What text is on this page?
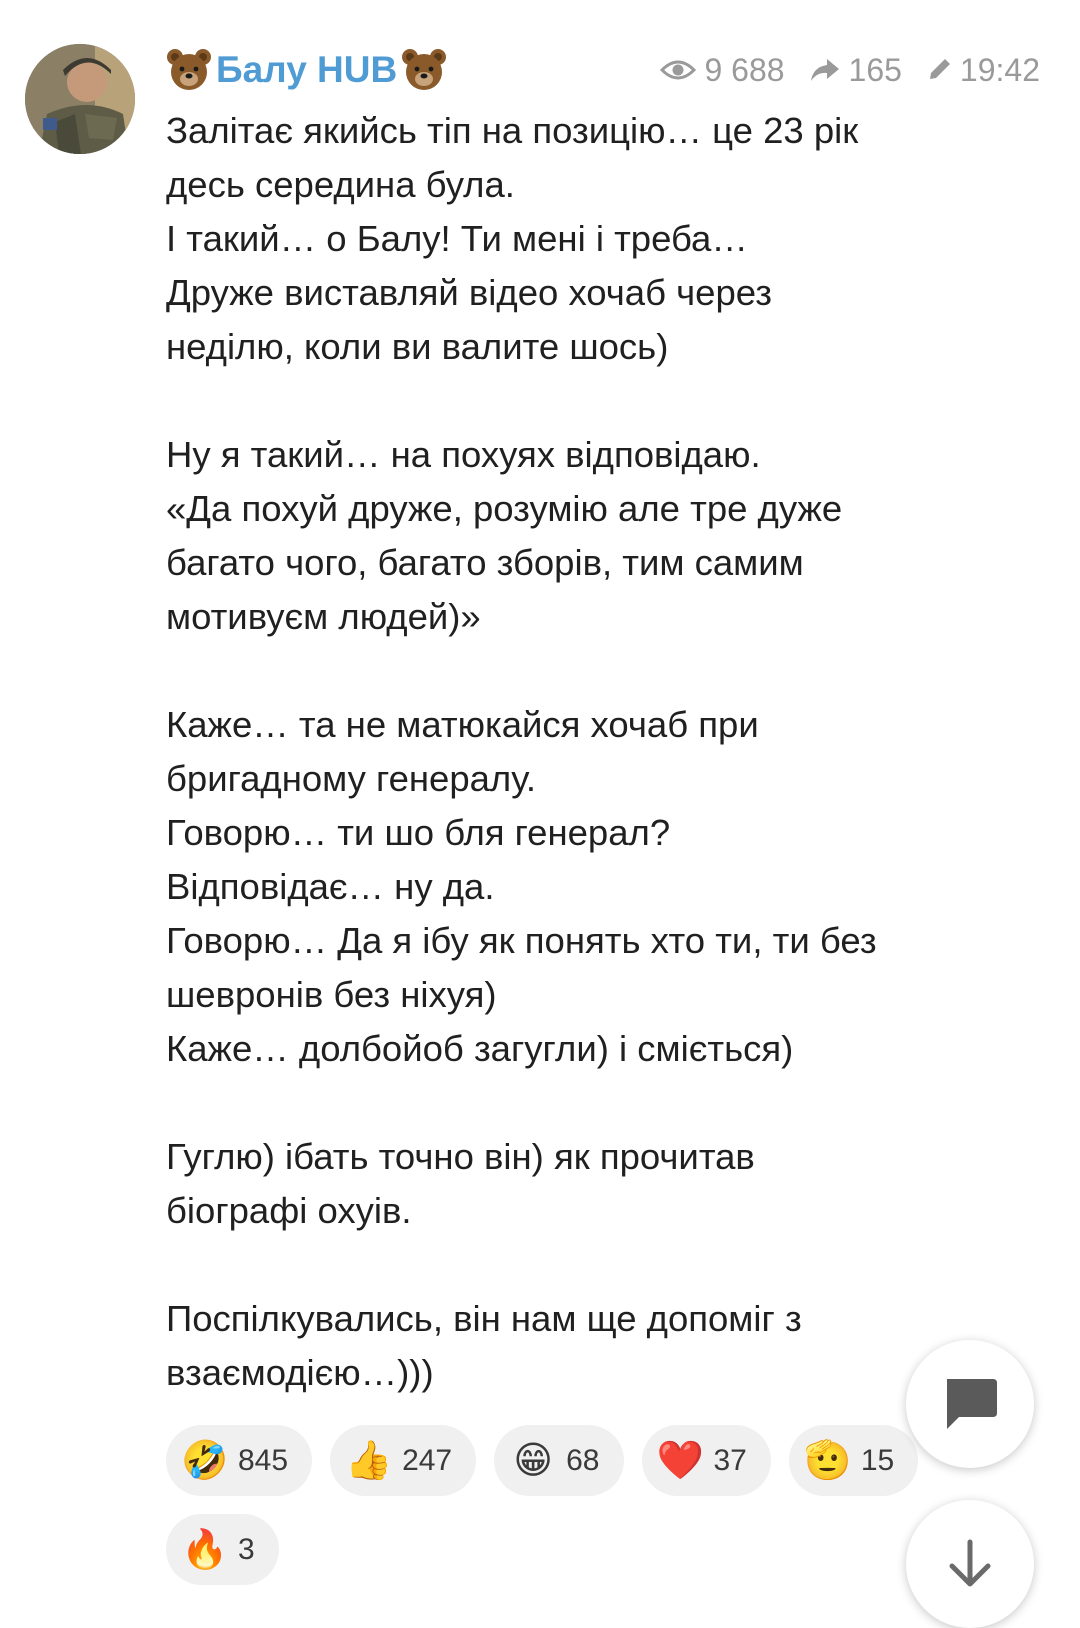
Балу HUB	9 688 165 19:42

Залітає якийсь тіп на позицію… це 23 рік

десь середина була.

І такий… о Балу! Ти мені і треба…

Друже виставляй відео хочаб через

неділю, коли ви валите шось)

Ну я такий… на похуях відповідаю.

«Да похуй друже, розумію але тре дуже

багато чого, багато зборів, тим самим

мотивуєм людей)»

Каже… та не матюкайся хочаб при

бригадному генералу.

Говорю… ти шо бля генерал?

Відповідає… ну да.

Говорю… Да я ібу як понять хто ти, ти без

шевронів без ніхуя)

Каже… долбойоб загугли) і сміється)

Гуглю) ібать точно він) як прочитав

біографі охуів.

Поспілкувались, він нам ще допоміг з

взаємодією…)))

🤣 845 👍 247 😁 68 ❤️ 37 🫡 15
🔥 3
